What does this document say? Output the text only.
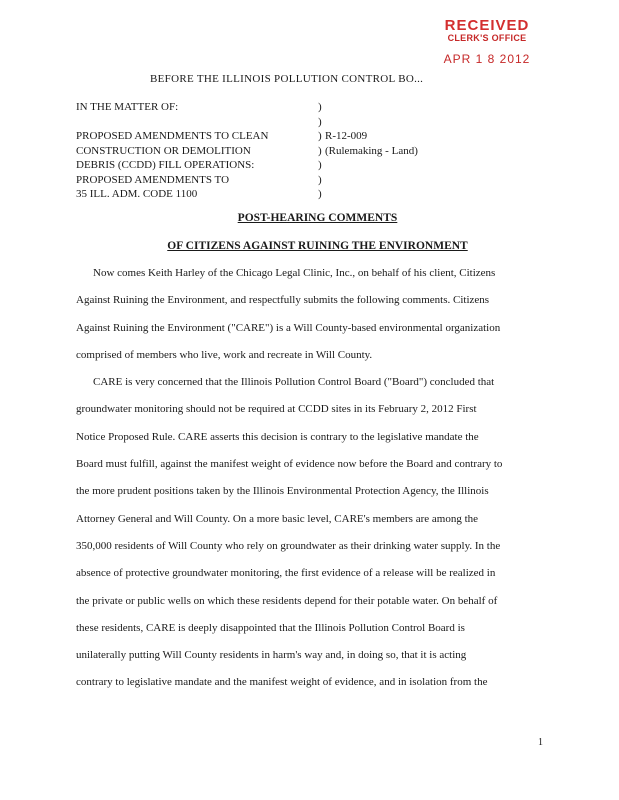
RECEIVED
CLERK'S OFFICE
APR 1 8 2012
BEFORE THE ILLINOIS POLLUTION CONTROL BO...
IN THE MATTER OF:	)
)
PROPOSED AMENDMENTS TO CLEAN	) R-12-009
CONSTRUCTION OR DEMOLITION	) (Rulemaking - Land)
DEBRIS (CCDD) FILL OPERATIONS:	)
PROPOSED AMENDMENTS TO	)
35 ILL. ADM. CODE 1100	)
POST-HEARING COMMENTS
OF CITIZENS AGAINST RUINING THE ENVIRONMENT
Now comes Keith Harley of the Chicago Legal Clinic, Inc., on behalf of his client, Citizens
Against Ruining the Environment, and respectfully submits the following comments. Citizens
Against Ruining the Environment ("CARE") is a Will County-based environmental organization
comprised of members who live, work and recreate in Will County.
CARE is very concerned that the Illinois Pollution Control Board ("Board") concluded that
groundwater monitoring should not be required at CCDD sites in its February 2, 2012 First
Notice Proposed Rule. CARE asserts this decision is contrary to the legislative mandate the
Board must fulfill, against the manifest weight of evidence now before the Board and contrary to
the more prudent positions taken by the Illinois Environmental Protection Agency, the Illinois
Attorney General and Will County. On a more basic level, CARE's members are among the
350,000 residents of Will County who rely on groundwater as their drinking water supply. In the
absence of protective groundwater monitoring, the first evidence of a release will be realized in
the private or public wells on which these residents depend for their potable water. On behalf of
these residents, CARE is deeply disappointed that the Illinois Pollution Control Board is
unilaterally putting Will County residents in harm's way and, in doing so, that it is acting
contrary to legislative mandate and the manifest weight of evidence, and in isolation from the
1
